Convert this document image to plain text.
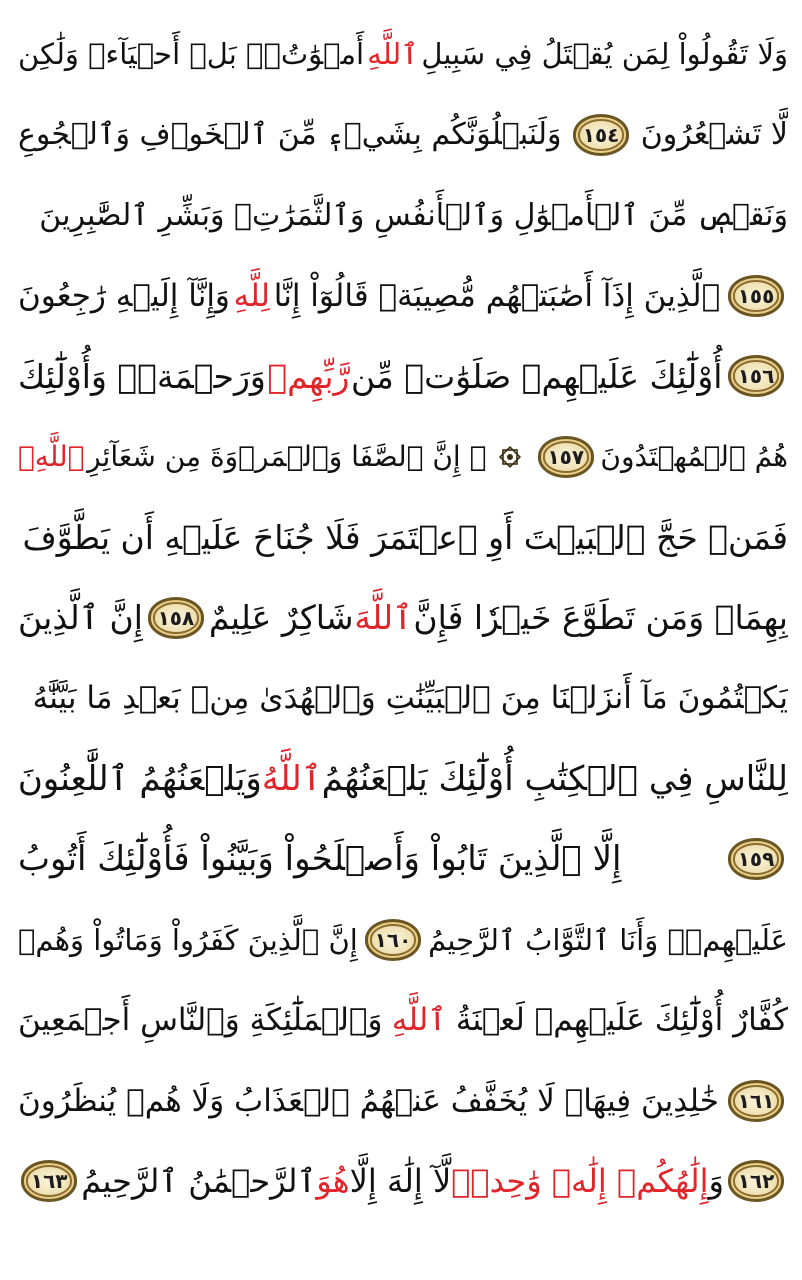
وَلَا تَقُولُواْ لِمَن يُقۡتَلُ فِي سَبِيلِ
ٱللَّهِ
أَمۡوَٰتُۢۚ بَلۡ أَحۡيَآءٞ وَلَٰكِن
لَّا تَشۡعُرُونَ
١٥٤
وَلَنَبۡلُوَنَّكُم بِشَيۡءٖ مِّنَ ٱلۡخَوۡفِ وَٱلۡجُوعِ
وَنَقۡصٖ مِّنَ ٱلۡأَمۡوَٰلِ وَٱلۡأَنفُسِ وَٱلثَّمَرَٰتِۗ وَبَشِّرِ ٱلصَّٰبِرِينَ
١٥٥
ٱلَّذِينَ إِذَآ أَصَٰبَتۡهُم مُّصِيبَةٞ قَالُوٓاْ إِنَّا
لِلَّهِ
وَإِنَّآ إِلَيۡهِ رَٰجِعُونَ
١٥٦
أُوْلَٰٓئِكَ عَلَيۡهِمۡ صَلَوَٰتٞ مِّن
رَّبِّهِمۡ
وَرَحۡمَةٞۖ وَأُوْلَٰٓئِكَ
هُمُ ٱلۡمُهۡتَدُونَ
١٥٧
۞ إِنَّ ٱلصَّفَا وَٱلۡمَرۡوَةَ مِن شَعَآئِرِ
ٱللَّهِۖ
فَمَنۡ حَجَّ ٱلۡبَيۡتَ أَوِ ٱعۡتَمَرَ فَلَا جُنَاحَ عَلَيۡهِ أَن يَطَّوَّفَ
بِهِمَاۚ وَمَن تَطَوَّعَ خَيۡرٗا فَإِنَّ
ٱللَّهَ
شَاكِرٌ عَلِيمٌ
١٥٨
إِنَّ ٱلَّذِينَ
يَكۡتُمُونَ مَآ أَنزَلۡنَا مِنَ ٱلۡبَيِّنَٰتِ وَٱلۡهُدَىٰ مِنۢ بَعۡدِ مَا بَيَّنَّٰهُ
لِلنَّاسِ فِي ٱلۡكِتَٰبِ أُوْلَٰٓئِكَ يَلۡعَنُهُمُ
ٱللَّهُ
وَيَلۡعَنُهُمُ ٱللَّٰعِنُونَ
١٥٩
إِلَّا ٱلَّذِينَ تَابُواْ وَأَصۡلَحُواْ وَبَيَّنُواْ فَأُوْلَٰٓئِكَ أَتُوبُ
عَلَيۡهِمۡۚ وَأَنَا ٱلتَّوَّابُ ٱلرَّحِيمُ
١٦٠
إِنَّ ٱلَّذِينَ كَفَرُواْ وَمَاتُواْ وَهُمۡ
كُفَّارٌ أُوْلَٰٓئِكَ عَلَيۡهِمۡ لَعۡنَةُ
ٱللَّهِ
وَٱلۡمَلَٰٓئِكَةِ وَٱلنَّاسِ أَجۡمَعِينَ
١٦١
خَٰلِدِينَ فِيهَاۖ لَا يُخَفَّفُ عَنۡهُمُ ٱلۡعَذَابُ وَلَا هُمۡ يُنظَرُونَ
١٦٢
وَ
إِلَٰهُكُمۡ إِلَٰهٞ وَٰحِدٞۖ
لَّآ إِلَٰهَ إِلَّا
هُوَ
ٱلرَّحۡمَٰنُ ٱلرَّحِيمُ
١٦٣
